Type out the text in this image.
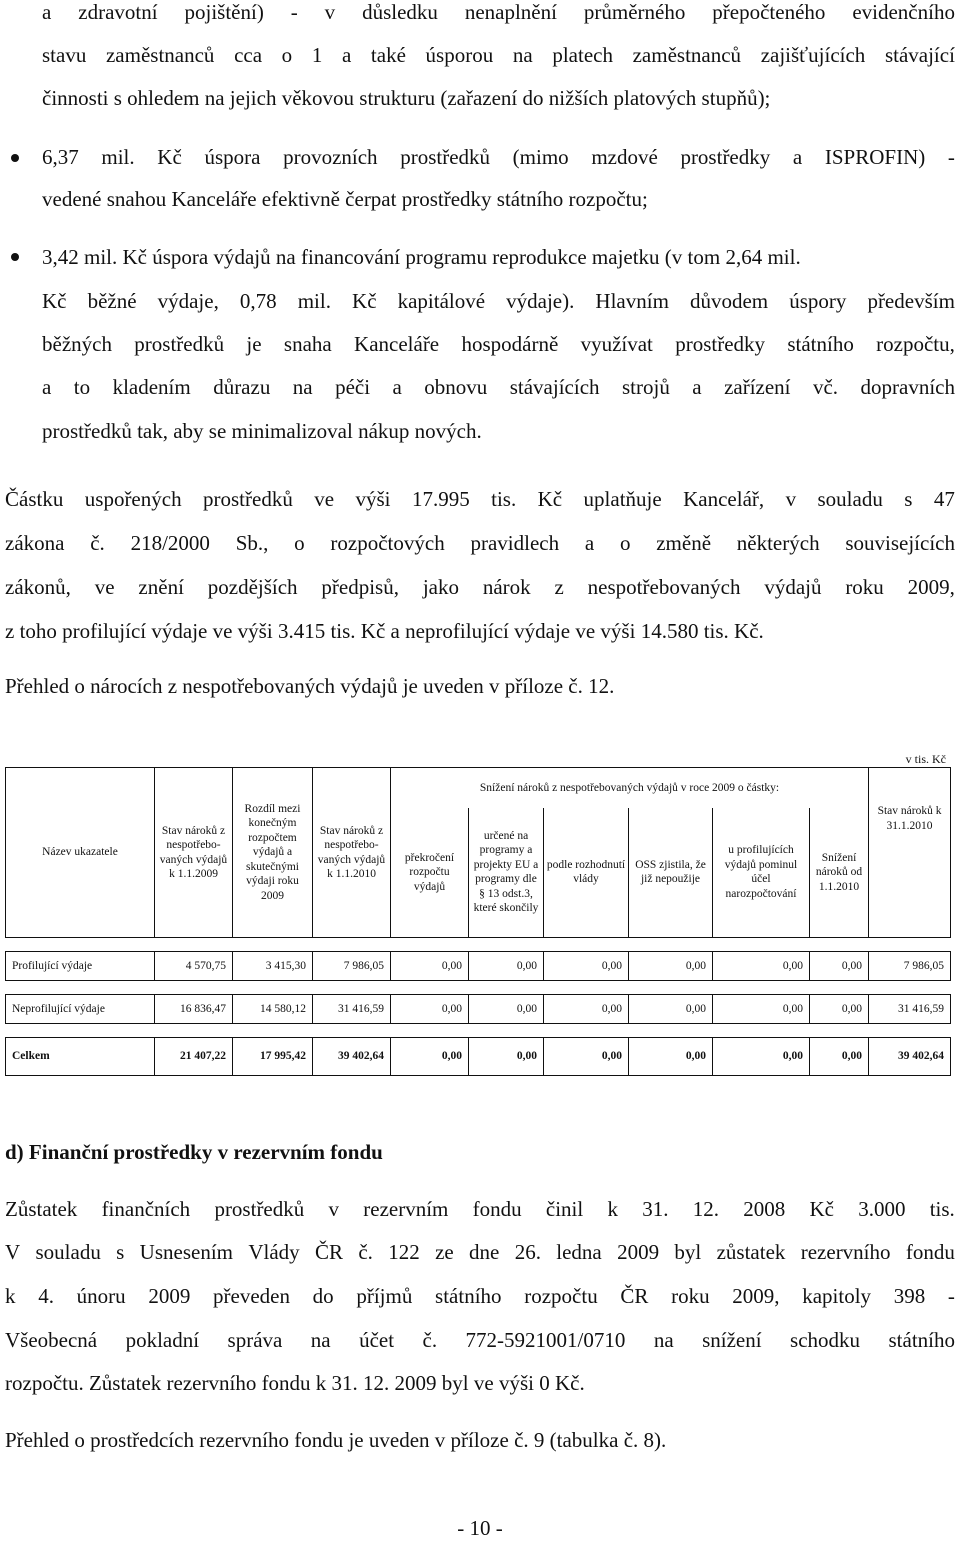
a zdravotní pojištění) - v důsledku nenaplnění průměrného přepočteného evidenčního
stavu zaměstnanců cca o 1 a také úsporou na platech zaměstnanců zajišťujících stávající
činnosti s ohledem na jejich věkovou strukturu (zařazení do nižších platových stupňů);
6,37 mil. Kč úspora provozních prostředků (mimo mzdové prostředky a ISPROFIN) -
vedené snahou Kanceláře efektivně čerpat prostředky státního rozpočtu;
3,42 mil. Kč úspora výdajů na financování programu reprodukce majetku (v tom 2,64 mil.
Kč běžné výdaje, 0,78 mil. Kč kapitálové výdaje). Hlavním důvodem úspory především
běžných prostředků je snaha Kanceláře hospodárně využívat prostředky státního rozpočtu,
a to kladením důrazu na péči a obnovu stávajících strojů a zařízení vč. dopravních
prostředků tak, aby se minimalizoval nákup nových.
Částku uspořených prostředků ve výši 17.995 tis. Kč uplatňuje Kancelář, v souladu s 47
zákona č. 218/2000 Sb., o rozpočtových pravidlech a o změně některých souvisejících
zákonů, ve znění pozdějších předpisů, jako nárok z nespotřebovaných výdajů roku 2009,
z toho profilující výdaje ve výši 3.415 tis. Kč a neprofilující výdaje ve výši 14.580 tis. Kč.
Přehled o nárocích z nespotřebovaných výdajů je uveden v příloze č. 12.
v tis. Kč
Název ukazatele	Stav nároků z nespotřebo-vaných výdajů k 1.1.2009	Rozdíl mezi konečným rozpočtem výdajů a skutečnými výdaji roku 2009	Stav nároků z nespotřebo-vaných výdajů k 1.1.2010	Snížení nároků z nespotřebovaných výdajů v roce 2009 o částky:						Stav nároků k 31.1.2010
				překročení rozpočtu výdajů	určené na programy a projekty EU a programy dle § 13 odst.3, které skončily	podle rozhodnutí vlády	OSS zjistila, že již nepoužije	u profilujících výdajů pominul účel narozpočtování	Snížení nároků od 1.1.2010	

Profilující výdaje	4 570,75	3 415,30	7 986,05	0,00	0,00	0,00	0,00	0,00	0,00	7 986,05

Neprofilující výdaje	16 836,47	14 580,12	31 416,59	0,00	0,00	0,00	0,00	0,00	0,00	31 416,59

Celkem	21 407,22	17 995,42	39 402,64	0,00	0,00	0,00	0,00	0,00	0,00	39 402,64
d) Finanční prostředky v rezervním fondu
Zůstatek finančních prostředků v rezervním fondu činil k 31. 12. 2008 Kč 3.000 tis.
V souladu s Usnesením Vlády ČR č. 122 ze dne 26. ledna 2009 byl zůstatek rezervního fondu
k 4. únoru 2009 převeden do příjmů státního rozpočtu ČR roku 2009, kapitoly 398 -
Všeobecná pokladní správa na účet č. 772-5921001/0710 na snížení schodku státního
rozpočtu. Zůstatek rezervního fondu k 31. 12. 2009 byl ve výši 0 Kč.
Přehled o prostředcích rezervního fondu je uveden v příloze č. 9 (tabulka č. 8).
- 10 -
